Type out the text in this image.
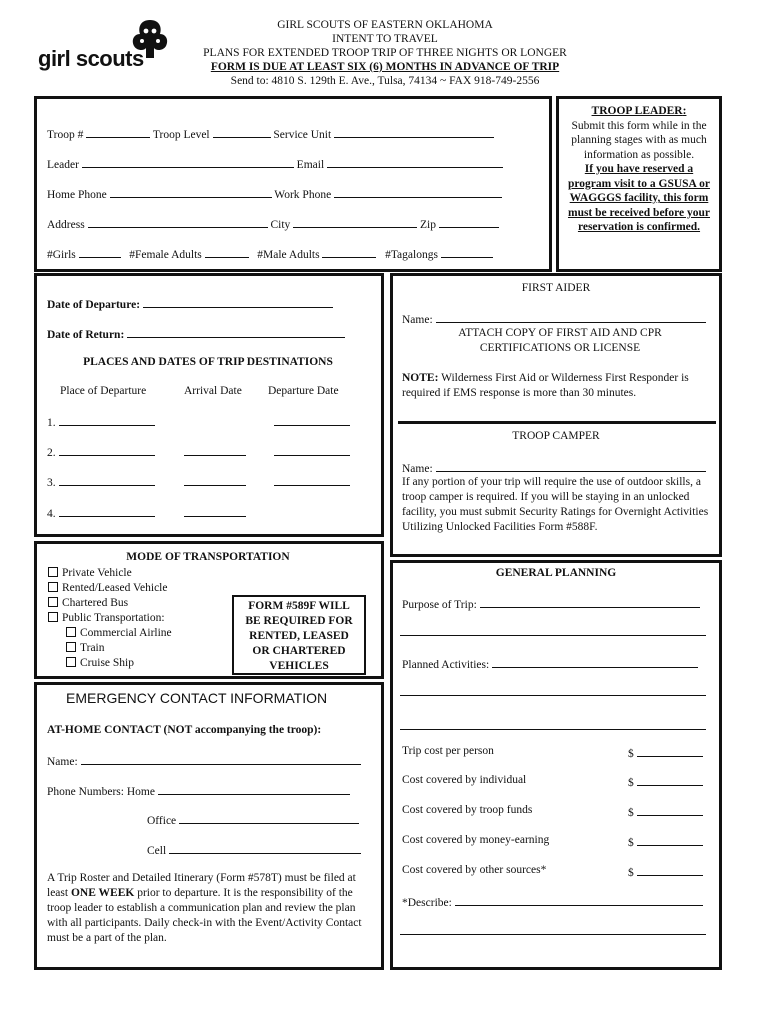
girl scouts
GIRL SCOUTS OF EASTERN OKLAHOMA
INTENT TO TRAVEL
PLANS FOR EXTENDED TROOP TRIP OF THREE NIGHTS OR LONGER
FORM IS DUE AT LEAST SIX (6) MONTHS IN ADVANCE OF TRIP
Send to: 4810 S. 129th E. Ave., Tulsa, 74134 ~ FAX 918-749-2556
Troop #	Troop Level	Service Unit
Leader	Email
Home Phone	Work Phone
Address	City	Zip
#Girls	#Female Adults	#Male Adults	#Tagalongs
TROOP LEADER:
Submit this form while in the planning stages with as much information as possible.
If you have reserved a program visit to a GSUSA or WAGGGS facility, this form must be received before your reservation is confirmed.
Date of Departure:
Date of Return:
PLACES AND DATES OF TRIP DESTINATIONS
Place of Departure	Arrival Date Departure Date
1.
2.
3.
4.
FIRST AIDER
Name:
ATTACH COPY OF FIRST AID AND CPR CERTIFICATIONS OR LICENSE
NOTE: Wilderness First Aid or Wilderness First Responder is required if EMS response is more than 30 minutes.
TROOP CAMPER
Name:
If any portion of your trip will require the use of outdoor skills, a troop camper is required. If you will be staying in an unlocked facility, you must submit Security Ratings for Overnight Activities Utilizing Unlocked Facilities Form #588F.
MODE OF TRANSPORTATION
Private Vehicle
Rented/Leased Vehicle
Chartered Bus
Public Transportation:
Commercial Airline
Train
Cruise Ship
FORM #589F WILL BE REQUIRED FOR RENTED, LEASED OR CHARTERED VEHICLES
GENERAL PLANNING
Purpose of Trip:
Planned Activities:
Trip cost per person	$
Cost covered by individual	$
Cost covered by troop funds	$
Cost covered by money-earning	$
Cost covered by other sources*	$
*Describe:
EMERGENCY CONTACT INFORMATION
AT-HOME CONTACT (NOT accompanying the troop):
Name:
Phone Numbers: Home
Office
Cell
A Trip Roster and Detailed Itinerary (Form #578T) must be filed at least ONE WEEK prior to departure. It is the responsibility of the troop leader to establish a communication plan and review the plan with all participants. Daily check-in with the Event/Activity Contact must be a part of the plan.
